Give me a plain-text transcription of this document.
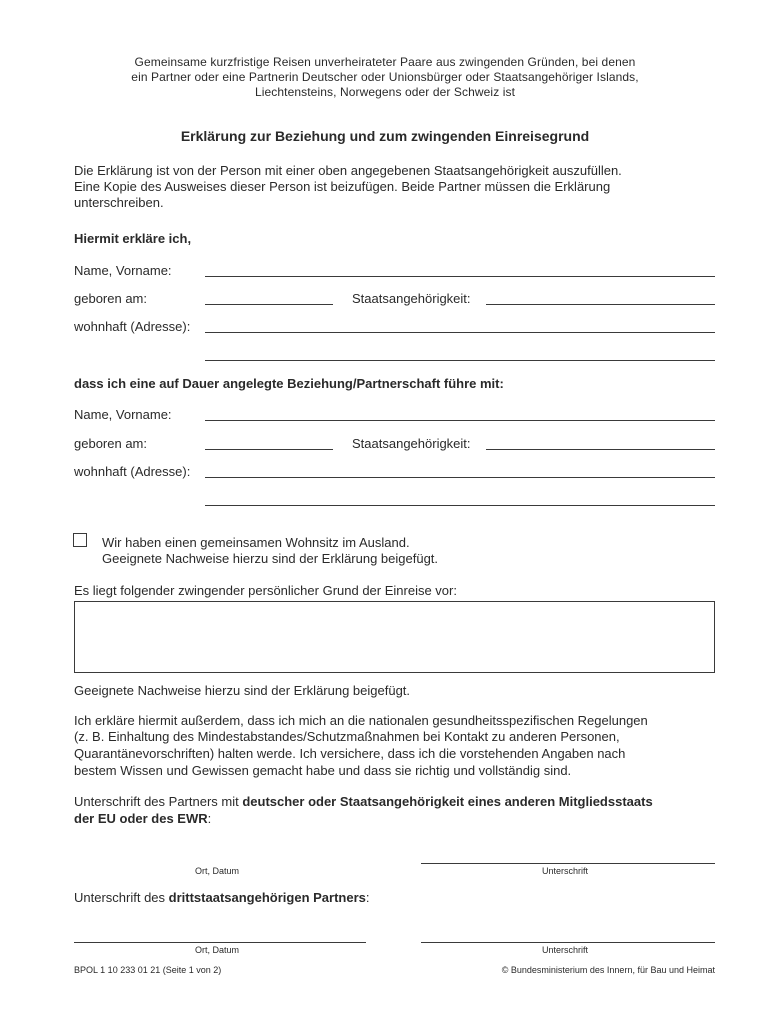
Gemeinsame kurzfristige Reisen unverheirateter Paare aus zwingenden Gründen, bei denen
ein Partner oder eine Partnerin Deutscher oder Unionsbürger oder Staatsangehöriger Islands,
Liechtensteins, Norwegens oder der Schweiz ist
Erklärung zur Beziehung und zum zwingenden Einreisegrund
Die Erklärung ist von der Person mit einer oben angegebenen Staatsangehörigkeit auszufüllen.
Eine Kopie des Ausweises dieser Person ist beizufügen. Beide Partner müssen die Erklärung
unterschreiben.
Hiermit erkläre ich,
Name, Vorname:
geboren am:	Staatsangehörigkeit:
wohnhaft (Adresse):
dass ich eine auf Dauer angelegte Beziehung/Partnerschaft führe mit:
Name, Vorname:
geboren am:	Staatsangehörigkeit:
wohnhaft (Adresse):
Wir haben einen gemeinsamen Wohnsitz im Ausland.
Geeignete Nachweise hierzu sind der Erklärung beigefügt.
Es liegt folgender zwingender persönlicher Grund der Einreise vor:
Geeignete Nachweise hierzu sind der Erklärung beigefügt.
Ich erkläre hiermit außerdem, dass ich mich an die nationalen gesundheitsspezifischen Regelungen
(z. B. Einhaltung des Mindestabstandes/Schutzmaßnahmen bei Kontakt zu anderen Personen,
Quarantänevorschriften) halten werde. Ich versichere, dass ich die vorstehenden Angaben nach
bestem Wissen und Gewissen gemacht habe und dass sie richtig und vollständig sind.
Unterschrift des Partners mit deutscher oder Staatsangehörigkeit eines anderen Mitgliedsstaats
der EU oder des EWR:
Ort, Datum	Unterschrift
Unterschrift des drittstaatsangehörigen Partners:
Ort, Datum	Unterschrift
BPOL 1 10 233 01 21 (Seite 1 von 2)	© Bundesministerium des Innern, für Bau und Heimat
